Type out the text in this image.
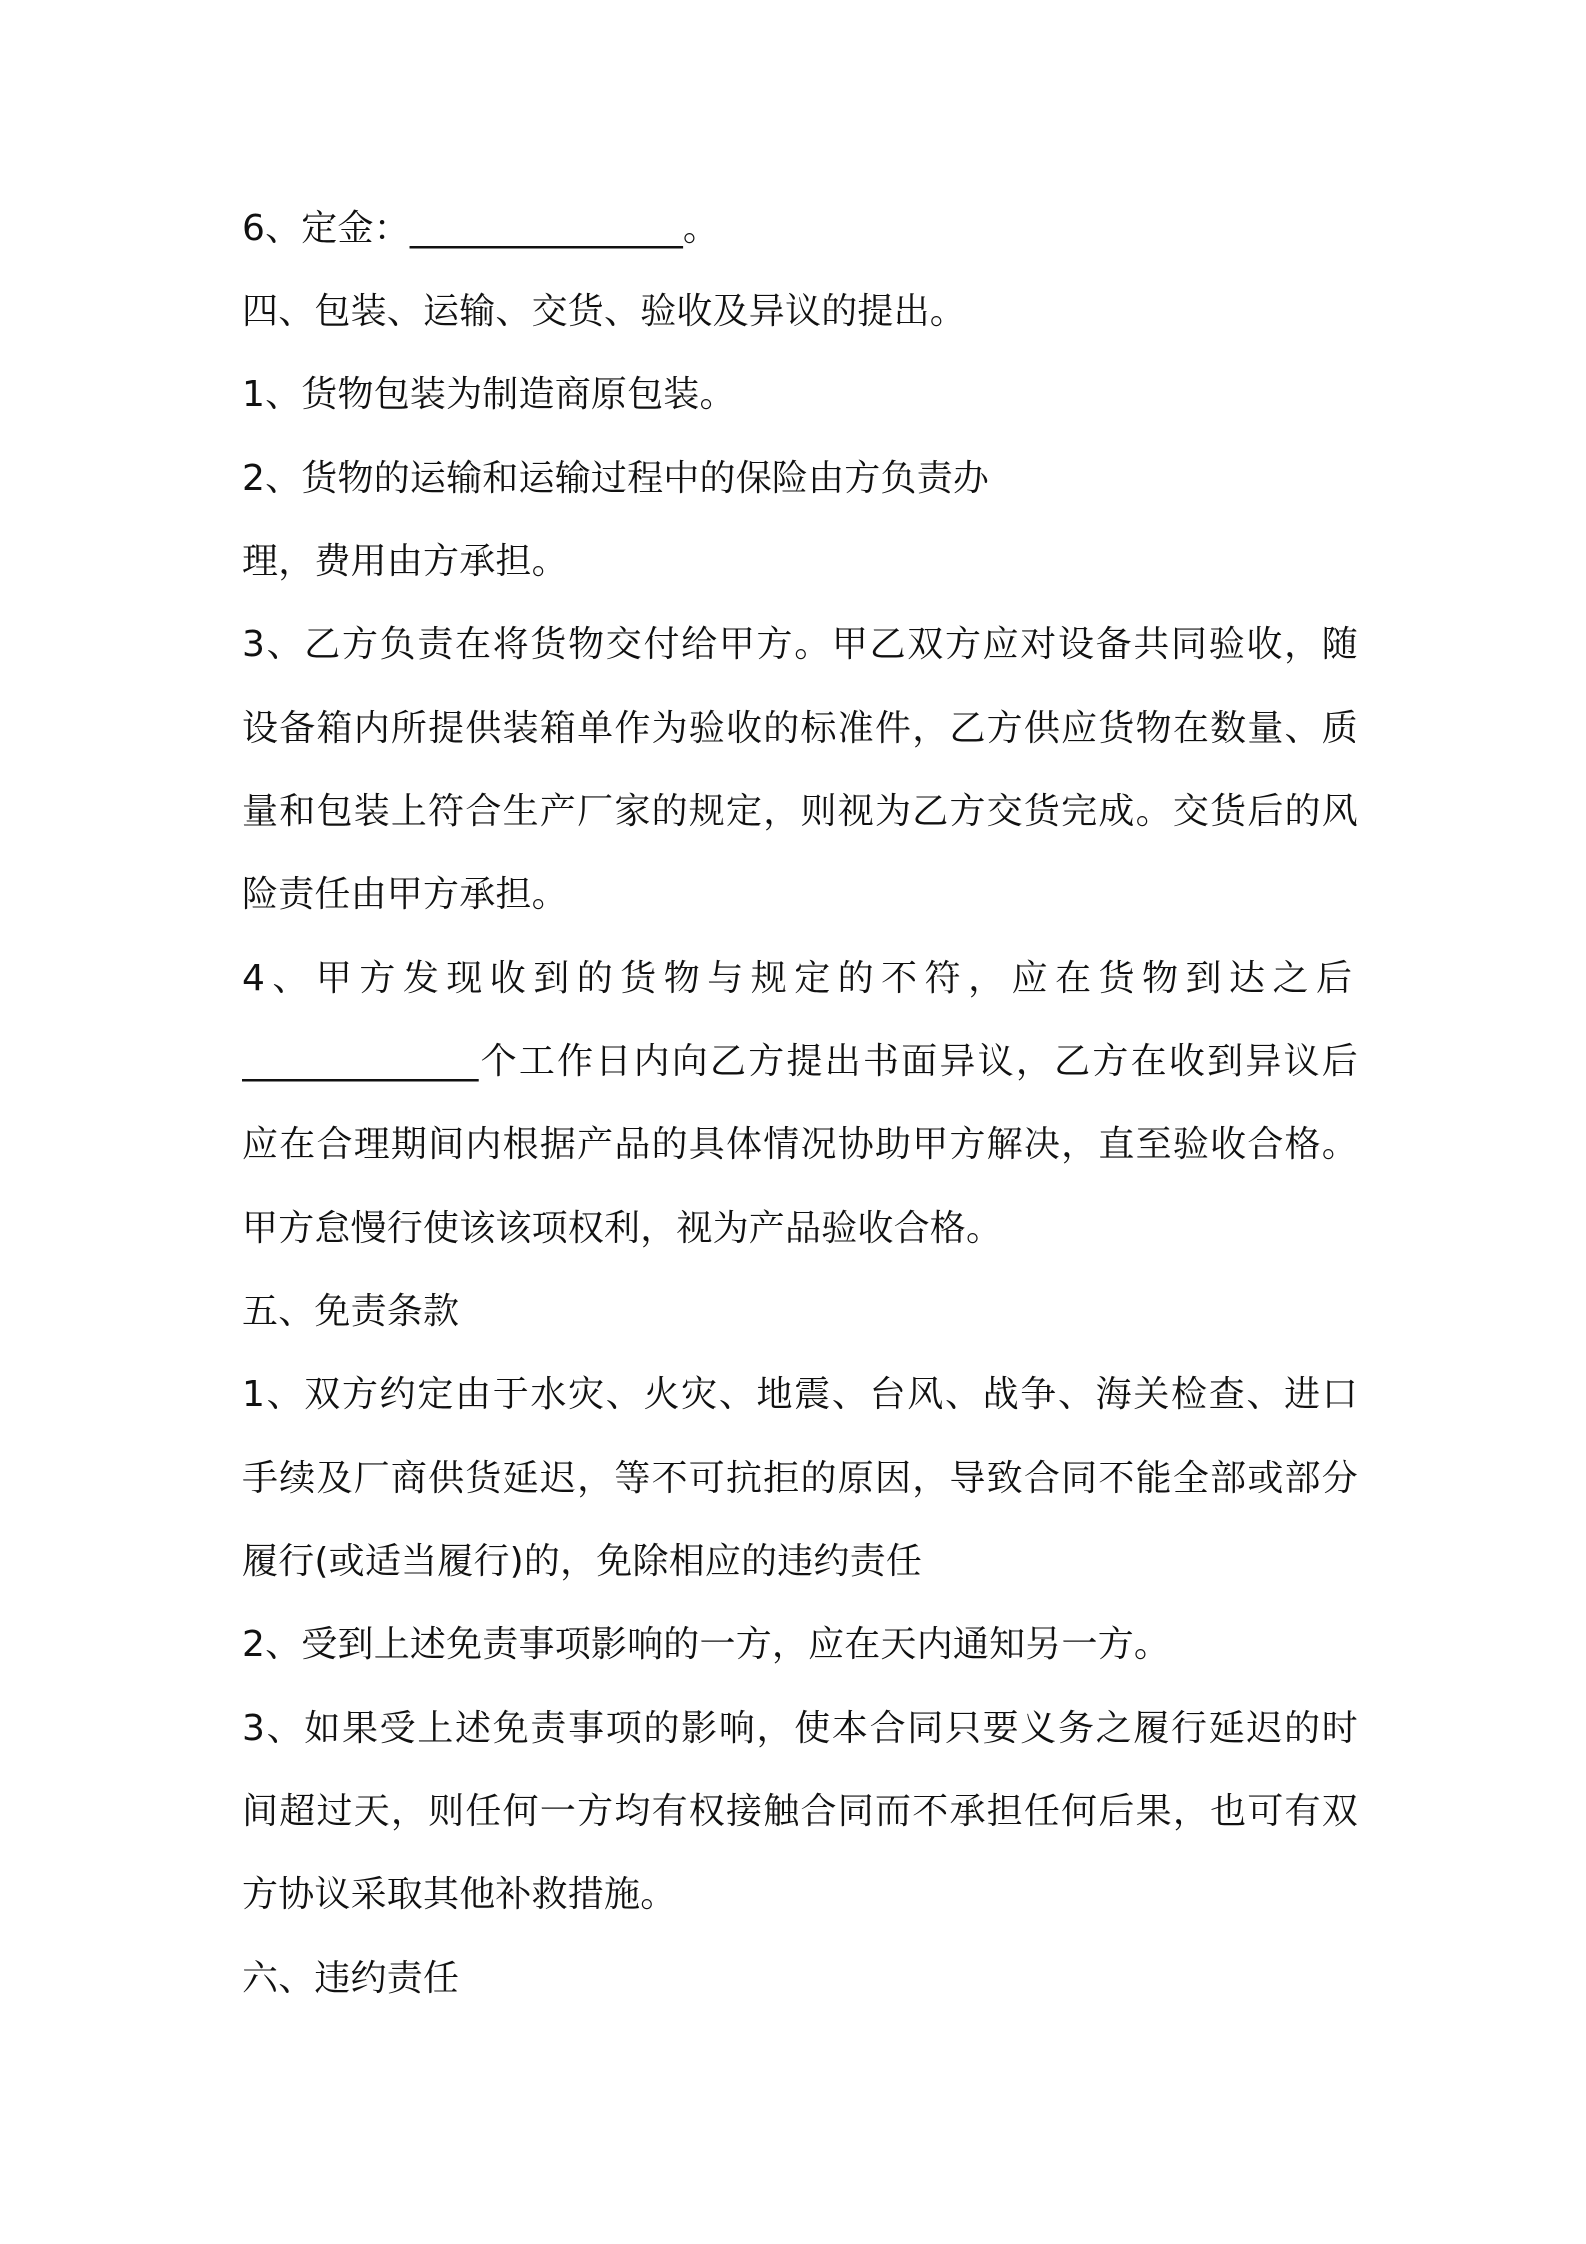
6、定金：_______________。
四、包装、运输、交货、验收及异议的提出。
1、货物包装为制造商原包装。
2、货物的运输和运输过程中的保险由方负责办
理，费用由方承担。
3、乙方负责在将货物交付给甲方。甲乙双方应对设备共同验收，随
设备箱内所提供装箱单作为验收的标准件，乙方供应货物在数量、质
量和包装上符合生产厂家的规定，则视为乙方交货完成。交货后的风
险责任由甲方承担。
4、甲方发现收到的货物与规定的不符，应在货物到达之后
_____________个工作日内向乙方提出书面异议，乙方在收到异议后
应在合理期间内根据产品的具体情况协助甲方解决，直至验收合格。
甲方怠慢行使该该项权利，视为产品验收合格。
五、免责条款
1、双方约定由于水灾、火灾、地震、台风、战争、海关检查、进口
手续及厂商供货延迟，等不可抗拒的原因，导致合同不能全部或部分
履行(或适当履行)的，免除相应的违约责任
2、受到上述免责事项影响的一方，应在天内通知另一方。
3、如果受上述免责事项的影响，使本合同只要义务之履行延迟的时
间超过天，则任何一方均有权接触合同而不承担任何后果，也可有双
方协议采取其他补救措施。
六、违约责任
